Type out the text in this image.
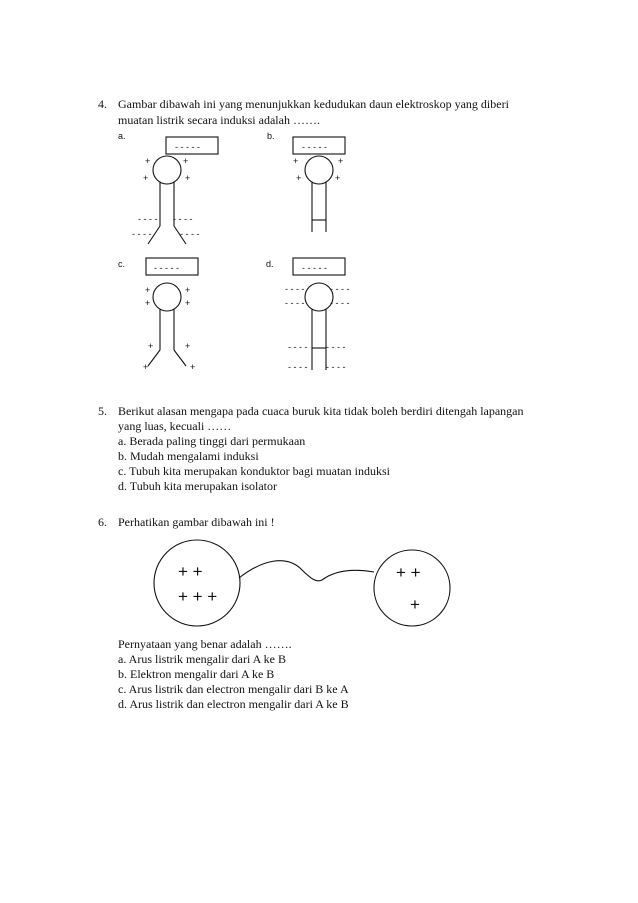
4. Gambar dibawah ini yang menunjukkan kedudukan daun elektroskop yang diberi
muatan listrik secara induksi adalah …….
a.	b.
c.	d.
- - - - -	- - - - -
- - - - -	- - - - -
+	+
+	+
- - - - - - - -
- - - -	- - - -
+	+
+	+
+	+
+	+
+	+
+	+
- - - -	- - - -
- - - -	- - - -
- - - - - - - -
- - - - - - - -
+ +
+ + +
+ +
+
5. Berikut alasan mengapa pada cuaca buruk kita tidak boleh berdiri ditengah lapangan
yang luas, kecuali ……
a. Berada paling tinggi dari permukaan
b. Mudah mengalami induksi
c. Tubuh kita merupakan konduktor bagi muatan induksi
d. Tubuh kita merupakan isolator
6. Perhatikan gambar dibawah ini !
Pernyataan yang benar adalah …….
a. Arus listrik mengalir dari A ke B
b. Elektron mengalir dari A ke B
c. Arus listrik dan electron mengalir dari B ke A
d. Arus listrik dan electron mengalir dari A ke B
